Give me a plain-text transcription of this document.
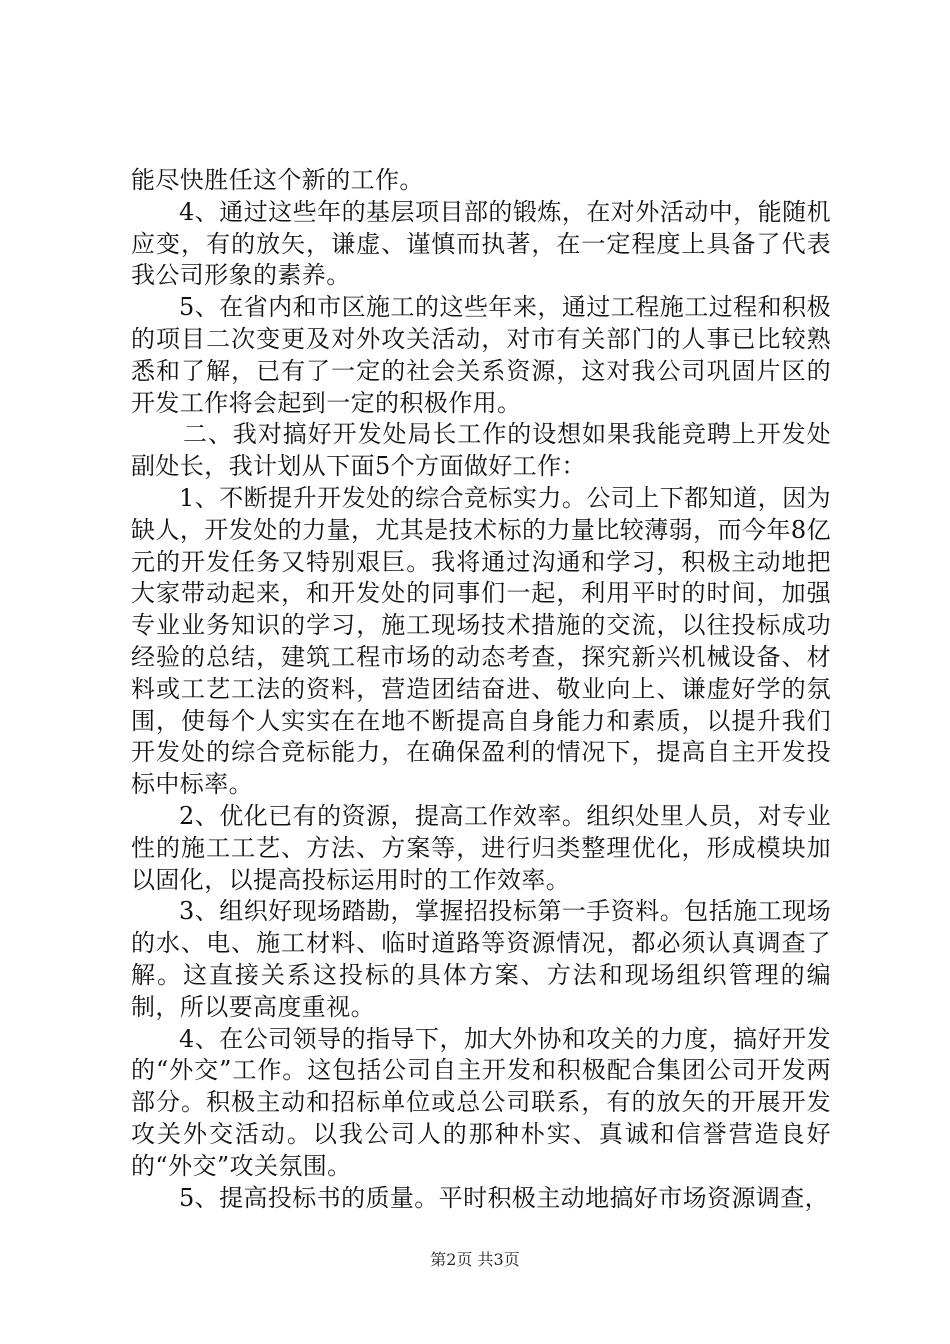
能尽快胜任这个新的工作。

4、通过这些年的基层项目部的锻炼，在对外活动中，能随机应变，有的放矢，谦虚、谨慎而执著，在一定程度上具备了代表我公司形象的素养。

5、在省内和市区施工的这些年来，通过工程施工过程和积极的项目二次变更及对外攻关活动，对市有关部门的人事已比较熟悉和了解，已有了一定的社会关系资源，这对我公司巩固片区的开发工作将会起到一定的积极作用。

二、我对搞好开发处局长工作的设想如果我能竞聘上开发处副处长，我计划从下面5个方面做好工作：

1、不断提升开发处的综合竞标实力。公司上下都知道，因为缺人，开发处的力量，尤其是技术标的力量比较薄弱，而今年8亿元的开发任务又特别艰巨。我将通过沟通和学习，积极主动地把大家带动起来，和开发处的同事们一起，利用平时的时间，加强专业业务知识的学习，施工现场技术措施的交流，以往投标成功经验的总结，建筑工程市场的动态考查，探究新兴机械设备、材料或工艺工法的资料，营造团结奋进、敬业向上、谦虚好学的氛围，使每个人实实在在地不断提高自身能力和素质，以提升我们开发处的综合竞标能力，在确保盈利的情况下，提高自主开发投标中标率。

2、优化已有的资源，提高工作效率。组织处里人员，对专业性的施工工艺、方法、方案等，进行归类整理优化，形成模块加以固化，以提高投标运用时的工作效率。

3、组织好现场踏勘，掌握招投标第一手资料。包括施工现场的水、电、施工材料、临时道路等资源情况，都必须认真调查了解。这直接关系这投标的具体方案、方法和现场组织管理的编制，所以要高度重视。

4、在公司领导的指导下，加大外协和攻关的力度，搞好开发的“外交”工作。这包括公司自主开发和积极配合集团公司开发两部分。积极主动和招标单位或总公司联系，有的放矢的开展开发攻关外交活动。以我公司人的那种朴实、真诚和信誉营造良好的“外交”攻关氛围。

5、提高投标书的质量。平时积极主动地搞好市场资源调查，

第2页 共3页
